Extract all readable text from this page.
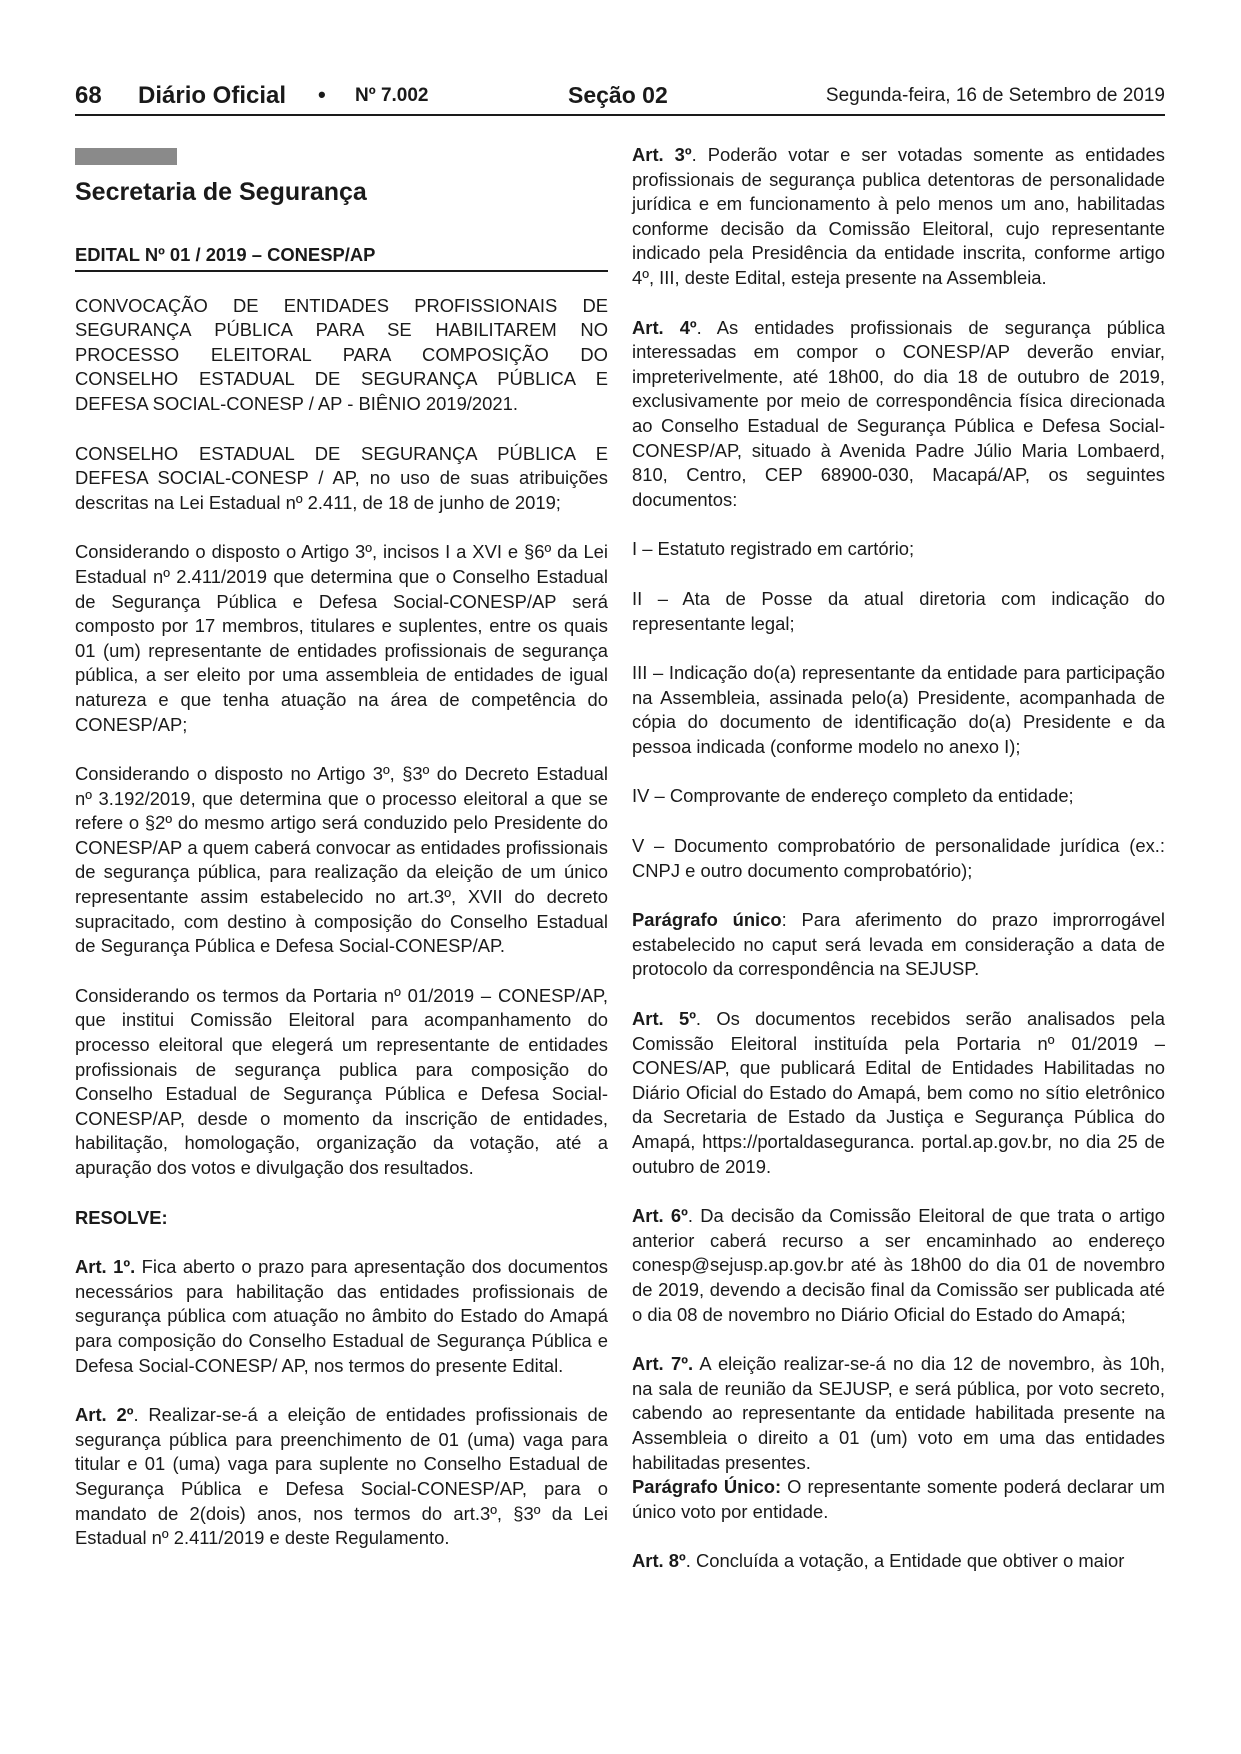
68 Diário Oficial • Nº 7.002	Seção 02	Segunda-feira, 16 de Setembro de 2019

Secretaria de Segurança

EDITAL Nº 01 / 2019 – CONESP/AP

CONVOCAÇÃO DE ENTIDADES PROFISSIONAIS DE SEGURANÇA PÚBLICA PARA SE HABILITAREM NO PROCESSO ELEITORAL PARA COMPOSIÇÃO DO CONSELHO ESTADUAL DE SEGURANÇA PÚBLICA E DEFESA SOCIAL-CONESP / AP - BIÊNIO 2019/2021.

CONSELHO ESTADUAL DE SEGURANÇA PÚBLICA E DEFESA SOCIAL-CONESP / AP, no uso de suas atribuições descritas na Lei Estadual nº 2.411, de 18 de junho de 2019;

Considerando o disposto o Artigo 3º, incisos I a XVI e §6º da Lei Estadual nº 2.411/2019 que determina que o Conselho Estadual de Segurança Pública e Defesa Social-CONESP/AP será composto por 17 membros, titulares e suplentes, entre os quais 01 (um) representante de entidades profissionais de segurança pública, a ser eleito por uma assembleia de entidades de igual natureza e que tenha atuação na área de competência do CONESP/AP;

Considerando o disposto no Artigo 3º, §3º do Decreto Estadual nº 3.192/2019, que determina que o processo eleitoral a que se refere o §2º do mesmo artigo será conduzido pelo Presidente do CONESP/AP a quem caberá convocar as entidades profissionais de segurança pública, para realização da eleição de um único representante assim estabelecido no art.3º, XVII do decreto supracitado, com destino à composição do Conselho Estadual de Segurança Pública e Defesa Social-CONESP/AP.

Considerando os termos da Portaria nº 01/2019 – CONESP/AP, que institui Comissão Eleitoral para acompanhamento do processo eleitoral que elegerá um representante de entidades profissionais de segurança publica para composição do Conselho Estadual de Segurança Pública e Defesa Social-CONESP/AP, desde o momento da inscrição de entidades, habilitação, homologação, organização da votação, até a apuração dos votos e divulgação dos resultados.

RESOLVE:

Art. 1º. Fica aberto o prazo para apresentação dos documentos necessários para habilitação das entidades profissionais de segurança pública com atuação no âmbito do Estado do Amapá para composição do Conselho Estadual de Segurança Pública e Defesa Social-CONESP/ AP, nos termos do presente Edital.

Art. 2º. Realizar-se-á a eleição de entidades profissionais de segurança pública para preenchimento de 01 (uma) vaga para titular e 01 (uma) vaga para suplente no Conselho Estadual de Segurança Pública e Defesa Social-CONESP/AP, para o mandato de 2(dois) anos, nos termos do art.3º, §3º da Lei Estadual nº 2.411/2019 e deste Regulamento.

Art. 3º. Poderão votar e ser votadas somente as entidades profissionais de segurança publica detentoras de personalidade jurídica e em funcionamento à pelo menos um ano, habilitadas conforme decisão da Comissão Eleitoral, cujo representante indicado pela Presidência da entidade inscrita, conforme artigo 4º, III, deste Edital, esteja presente na Assembleia.

Art. 4º. As entidades profissionais de segurança pública interessadas em compor o CONESP/AP deverão enviar, impreterivelmente, até 18h00, do dia 18 de outubro de 2019, exclusivamente por meio de correspondência física direcionada ao Conselho Estadual de Segurança Pública e Defesa Social-CONESP/AP, situado à Avenida Padre Júlio Maria Lombaerd, 810, Centro, CEP 68900-030, Macapá/AP, os seguintes documentos:

I – Estatuto registrado em cartório;

II – Ata de Posse da atual diretoria com indicação do representante legal;

III – Indicação do(a) representante da entidade para participação na Assembleia, assinada pelo(a) Presidente, acompanhada de cópia do documento de identificação do(a) Presidente e da pessoa indicada (conforme modelo no anexo I);

IV – Comprovante de endereço completo da entidade;

V – Documento comprobatório de personalidade jurídica (ex.: CNPJ e outro documento comprobatório);

Parágrafo único: Para aferimento do prazo improrrogável estabelecido no caput será levada em consideração a data de protocolo da correspondência na SEJUSP.

Art. 5º. Os documentos recebidos serão analisados pela Comissão Eleitoral instituída pela Portaria nº 01/2019 – CONES/AP, que publicará Edital de Entidades Habilitadas no Diário Oficial do Estado do Amapá, bem como no sítio eletrônico da Secretaria de Estado da Justiça e Segurança Pública do Amapá, https://portaldaseguranca. portal.ap.gov.br, no dia 25 de outubro de 2019.

Art. 6º. Da decisão da Comissão Eleitoral de que trata o artigo anterior caberá recurso a ser encaminhado ao endereço conesp@sejusp.ap.gov.br até às 18h00 do dia 01 de novembro de 2019, devendo a decisão final da Comissão ser publicada até o dia 08 de novembro no Diário Oficial do Estado do Amapá;

Art. 7º. A eleição realizar-se-á no dia 12 de novembro, às 10h, na sala de reunião da SEJUSP, e será pública, por voto secreto, cabendo ao representante da entidade habilitada presente na Assembleia o direito a 01 (um) voto em uma das entidades habilitadas presentes.

Parágrafo Único: O representante somente poderá declarar um único voto por entidade.

Art. 8º. Concluída a votação, a Entidade que obtiver o maior
